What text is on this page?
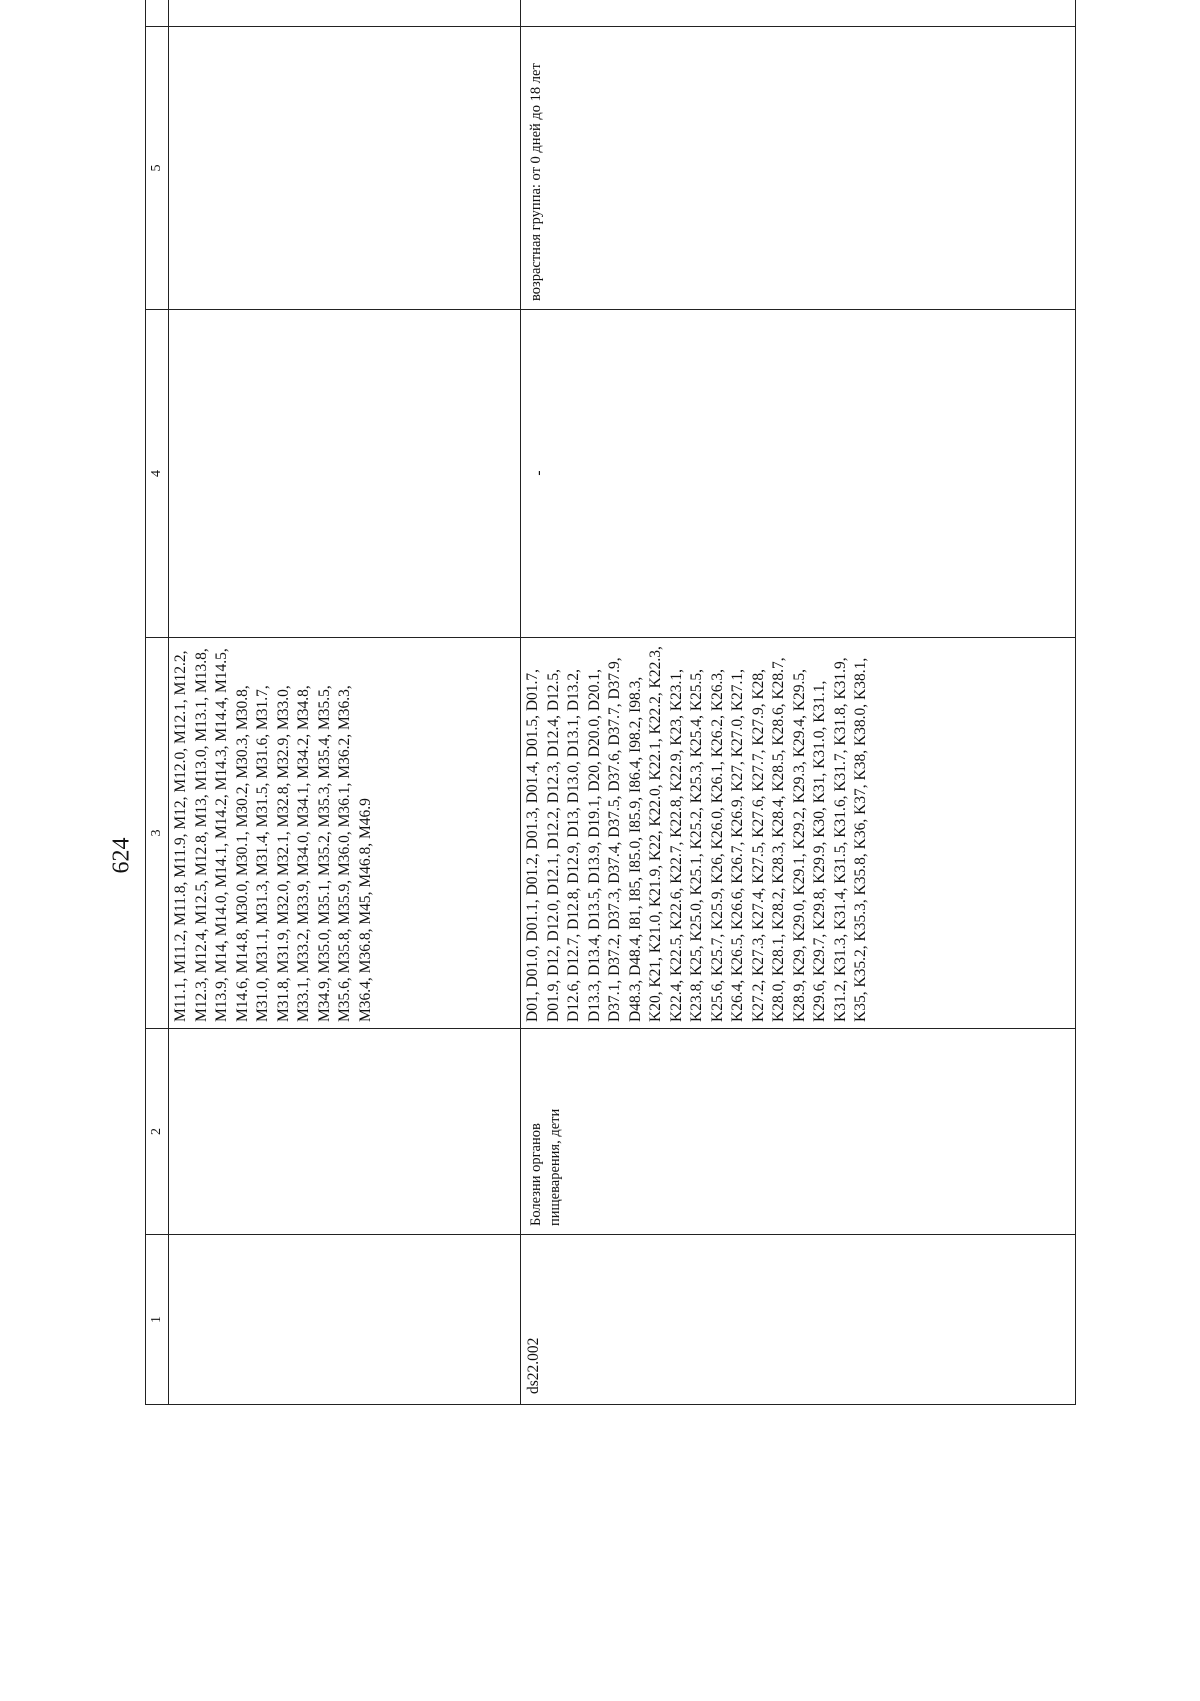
624
1	2	3	4	5	

		M11.1, M11.2, M11.8, M11.9, M12, M12.0, M12.1, M12.2, M12.3, M12.4, M12.5, M12.8, M13, M13.0, M13.1, M13.8, M13.9, M14, M14.0, M14.1, M14.2, M14.3, M14.4, M14.5, M14.6, M14.8, M30.0, M30.1, M30.2, M30.3, M30.8, M31.0, M31.1, M31.3, M31.4, M31.5, M31.6, M31.7, M31.8, M31.9, M32.0, M32.1, M32.8, M32.9, M33.0, M33.1, M33.2, M33.9, M34.0, M34.1, M34.2, M34.8, M34.9, M35.0, M35.1, M35.2, M35.3, M35.4, M35.5, M35.6, M35.8, M35.9, M36.0, M36.1, M36.2, M36.3, M36.4, M36.8, M45, M46.8, M46.9			

ds22.002	Болезни органов пищеварения, дети	D01, D01.0, D01.1, D01.2, D01.3, D01.4, D01.5, D01.7, D01.9, D12, D12.0, D12.1, D12.2, D12.3, D12.4, D12.5, D12.6, D12.7, D12.8, D12.9, D13, D13.0, D13.1, D13.2, D13.3, D13.4, D13.5, D13.9, D19.1, D20, D20.0, D20.1, D37.1, D37.2, D37.3, D37.4, D37.5, D37.6, D37.7, D37.9, D48.3, D48.4, I81, I85, I85.0, I85.9, I86.4, I98.2, I98.3, K20, K21, K21.0, K21.9, K22, K22.0, K22.1, K22.2, K22.3, K22.4, K22.5, K22.6, K22.7, K22.8, K22.9, K23, K23.1, K23.8, K25, K25.0, K25.1, K25.2, K25.3, K25.4, K25.5, K25.6, K25.7, K25.9, K26, K26.0, K26.1, K26.2, K26.3, K26.4, K26.5, K26.6, K26.7, K26.9, K27, K27.0, K27.1, K27.2, K27.3, K27.4, K27.5, K27.6, K27.7, K27.9, K28, K28.0, K28.1, K28.2, K28.3, K28.4, K28.5, K28.6, K28.7, K28.9, K29, K29.0, K29.1, K29.2, K29.3, K29.4, K29.5, K29.6, K29.7, K29.8, K29.9, K30, K31, K31.0, K31.1, K31.2, K31.3, K31.4, K31.5, K31.6, K31.7, K31.8, K31.9, K35, K35.2, K35.3, K35.8, K36, K37, K38, K38.0, K38.1,	-	возрастная группа: от 0 дней до 18 лет
